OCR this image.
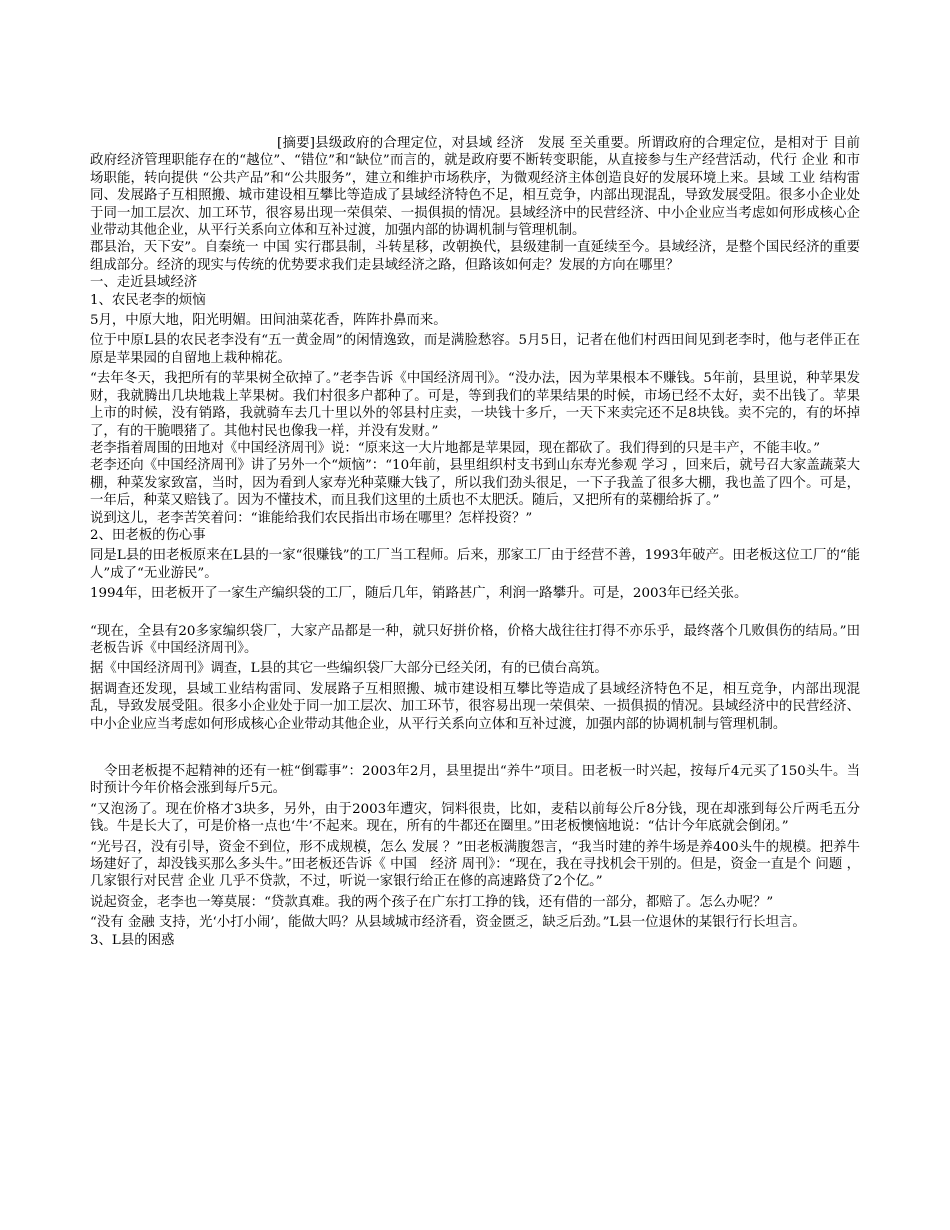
[摘要]县级政府的合理定位，对县域 经济　发展 至关重要。所谓政府的合理定位，是相对于 目前 政府经济管理职能存在的“越位”、“错位”和“缺位”而言的，就是政府要不断转变职能，从直接参与生产经营活动，代行 企业 和市场职能，转向提供 “公共产品”和“公共服务”，建立和维护市场秩序，为微观经济主体创造良好的发展环境上来。县域 工业 结构雷同、发展路子互相照搬、城市建设相互攀比等造成了县域经济特色不足，相互竞争，内部出现混乱，导致发展受阻。很多小企业处于同一加工层次、加工环节，很容易出现一荣俱荣、一损俱损的情况。县域经济中的民营经济、中小企业应当考虑如何形成核心企业带动其他企业，从平行关系向立体和互补过渡，加强内部的协调机制与管理机制。

郡县治，天下安”。自秦统一 中国 实行郡县制，斗转星移，改朝换代，县级建制一直延续至今。县域经济，是整个国民经济的重要组成部分。经济的现实与传统的优势要求我们走县域经济之路，但路该如何走？发展的方向在哪里？

一、走近县域经济

1、农民老李的烦恼

5月，中原大地，阳光明媚。田间油菜花香，阵阵扑鼻而来。

位于中原L县的农民老李没有“五一黄金周”的闲情逸致，而是满脸愁容。5月5日，记者在他们村西田间见到老李时，他与老伴正在原是苹果园的自留地上栽种棉花。

“去年冬天，我把所有的苹果树全砍掉了。”老李告诉《中国经济周刊》。“没办法，因为苹果根本不赚钱。5年前，县里说，种苹果发财，我就腾出几块地栽上苹果树。我们村很多户都种了。可是，等到我们的苹果结果的时候，市场已经不太好，卖不出钱了。苹果上市的时候，没有销路，我就骑车去几十里以外的邻县村庄卖，一块钱十多斤，一天下来卖完还不足8块钱。卖不完的，有的坏掉了，有的干脆喂猪了。其他村民也像我一样，并没有发财。”

老李指着周围的田地对《中国经济周刊》说：“原来这一大片地都是苹果园，现在都砍了。我们得到的只是丰产，不能丰收。”

老李还向《中国经济周刊》讲了另外一个“烦恼”：“10年前，县里组织村支书到山东寿光参观 学习 ，回来后，就号召大家盖蔬菜大棚，种菜发家致富，当时，因为看到人家寿光种菜赚大钱了，所以我们劲头很足，一下子我盖了很多大棚，我也盖了四个。可是，一年后，种菜又赔钱了。因为不懂技术，而且我们这里的土质也不太肥沃。随后，又把所有的菜棚给拆了。”

说到这儿，老李苦笑着问：“谁能给我们农民指出市场在哪里？怎样投资？”

2、田老板的伤心事

同是L县的田老板原来在L县的一家“很赚钱”的工厂当工程师。后来，那家工厂由于经营不善，1993年破产。田老板这位工厂的“能人”成了“无业游民”。

1994年，田老板开了一家生产编织袋的工厂，随后几年，销路甚广，利润一路攀升。可是，2003年已经关张。

“现在，全县有20多家编织袋厂，大家产品都是一种，就只好拼价格，价格大战往往打得不亦乐乎，最终落个几败俱伤的结局。”田老板告诉《中国经济周刊》。

据《中国经济周刊》调查，L县的其它一些编织袋厂大部分已经关闭，有的已债台高筑。

据调查还发现，县域工业结构雷同、发展路子互相照搬、城市建设相互攀比等造成了县域经济特色不足，相互竞争，内部出现混乱，导致发展受阻。很多小企业处于同一加工层次、加工环节，很容易出现一荣俱荣、一损俱损的情况。县域经济中的民营经济、中小企业应当考虑如何形成核心企业带动其他企业，从平行关系向立体和互补过渡，加强内部的协调机制与管理机制。

令田老板提不起精神的还有一桩“倒霉事”：2003年2月，县里提出“养牛”项目。田老板一时兴起，按每斤4元买了150头牛。当时预计今年价格会涨到每斤5元。

“又泡汤了。现在价格才3块多，另外，由于2003年遭灾，饲料很贵，比如，麦秸以前每公斤8分钱，现在却涨到每公斤两毛五分钱。牛是长大了，可是价格一点也‘牛’不起来。现在，所有的牛都还在圈里。”田老板懊恼地说：“估计今年底就会倒闭。”

“光号召，没有引导，资金不到位，形不成规模，怎么 发展 ？”田老板满腹怨言，“我当时建的养牛场是养400头牛的规模。把养牛场建好了，却没钱买那么多头牛。”田老板还告诉《 中国　经济 周刊》：“现在，我在寻找机会干别的。但是，资金一直是个 问题 ，几家银行对民营 企业 几乎不贷款，不过，听说一家银行给正在修的高速路贷了2个亿。”

说起资金，老李也一筹莫展：“贷款真难。我的两个孩子在广东打工挣的钱，还有借的一部分，都赔了。怎么办呢？”

“没有 金融 支持，光‘小打小闹’，能做大吗？从县域城市经济看，资金匮乏，缺乏后劲。”L县一位退休的某银行行长坦言。

3、L县的困惑
